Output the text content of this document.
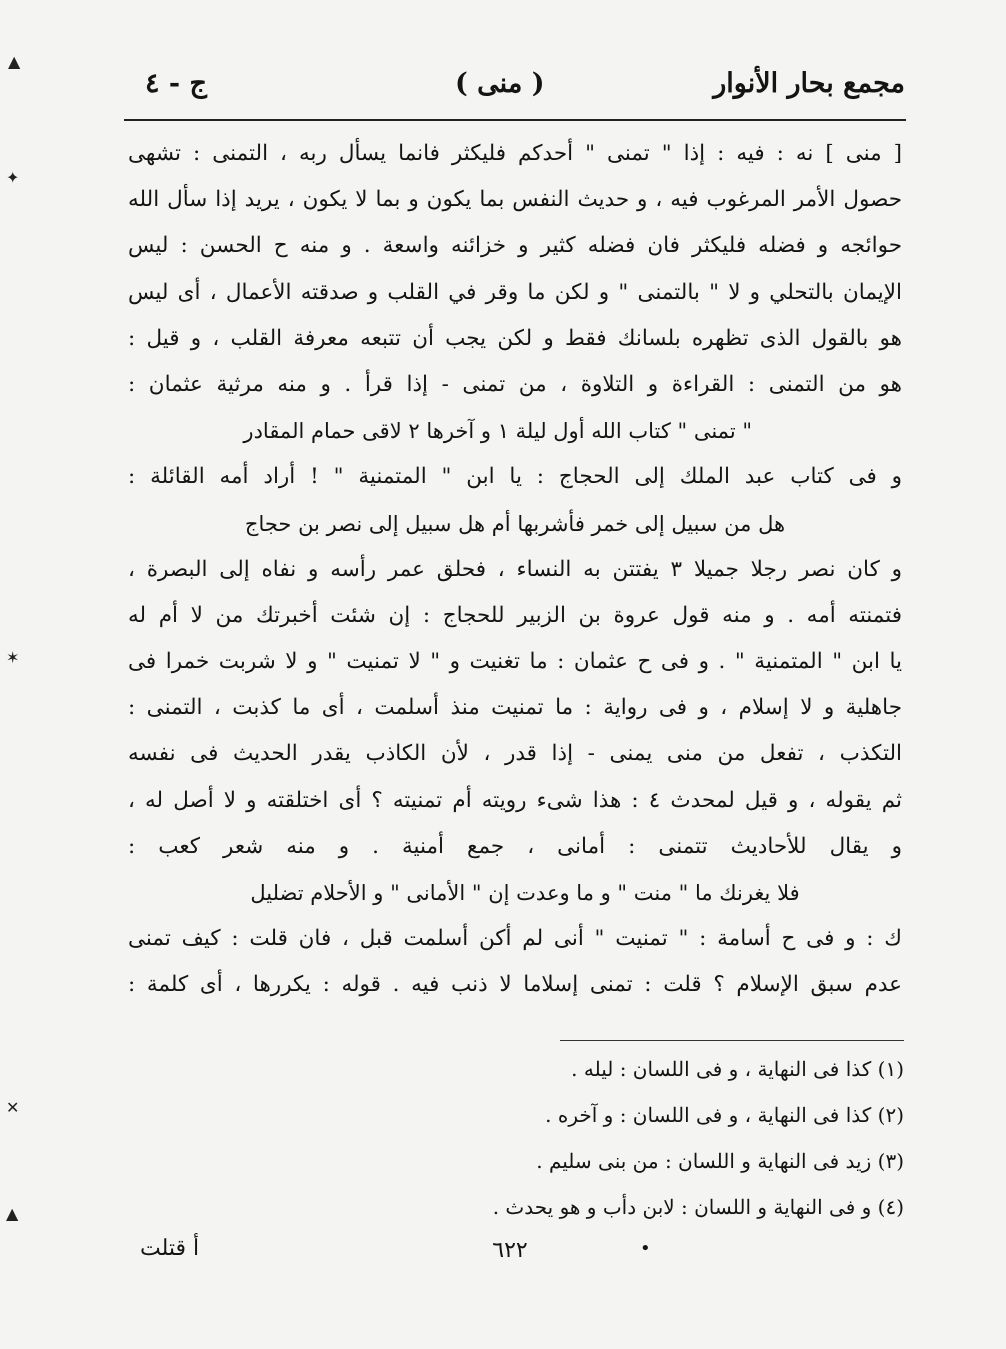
مجمع بحار الأنوار
( منى )
ج - ٤
[ منى ] نه : فيه : إذا " تمنى " أحدكم فليكثر فانما يسأل ربه ، التمنى : تشهى
حصول الأمر المرغوب فيه ، و حديث النفس بما يكون و بما لا يكون ، يريد إذا سأل الله
حوائجه و فضله فليكثر فان فضله كثير و خزائنه واسعة . و منه ح الحسن : ليس
الإيمان بالتحلي و لا " بالتمنى " و لكن ما وقر في القلب و صدقته الأعمال ، أى ليس
هو بالقول الذى تظهره بلسانك فقط و لكن يجب أن تتبعه معرفة القلب ، و قيل :
هو من التمنى : القراءة و التلاوة ، من تمنى - إذا قرأ . و منه مرثية عثمان :
" تمنى " كتاب الله أول ليلة ١ و آخرها ٢ لاقى حمام المقادر
و فى كتاب عبد الملك إلى الحجاج : يا ابن " المتمنية " ! أراد أمه القائلة :
هل من سبيل إلى خمر فأشربها أم هل سبيل إلى نصر بن حجاج
و كان نصر رجلا جميلا ٣ يفتتن به النساء ، فحلق عمر رأسه و نفاه إلى البصرة ،
فتمنته أمه . و منه قول عروة بن الزبير للحجاج : إن شئت أخبرتك من لا أم له
يا ابن " المتمنية " . و فى ح عثمان : ما تغنيت و " لا تمنيت " و لا شربت خمرا فى
جاهلية و لا إسلام ، و فى رواية : ما تمنيت منذ أسلمت ، أى ما كذبت ، التمنى :
التكذب ، تفعل من منى يمنى - إذا قدر ، لأن الكاذب يقدر الحديث فى نفسه
ثم يقوله ، و قيل لمحدث ٤ : هذا شىء رويته أم تمنيته ؟ أى اختلقته و لا أصل له ،
و يقال للأحاديث تتمنى : أمانى ، جمع أمنية . و منه شعر كعب :
فلا يغرنك ما " منت " و ما وعدت إن " الأمانى " و الأحلام تضليل
ك : و فى ح أسامة : " تمنيت " أنى لم أكن أسلمت قبل ، فان قلت : كيف تمنى
عدم سبق الإسلام ؟ قلت : تمنى إسلاما لا ذنب فيه . قوله : يكررها ، أى كلمة :
(١) كذا فى النهاية ، و فى اللسان : ليله .
(٢) كذا فى النهاية ، و فى اللسان : و آخره .
(٣) زيد فى النهاية و اللسان : من بنى سليم .
(٤) و فى النهاية و اللسان : لابن دأب و هو يحدث .
٦٢٢	•
أ قتلت
▲
✦
✶
✕
▲
